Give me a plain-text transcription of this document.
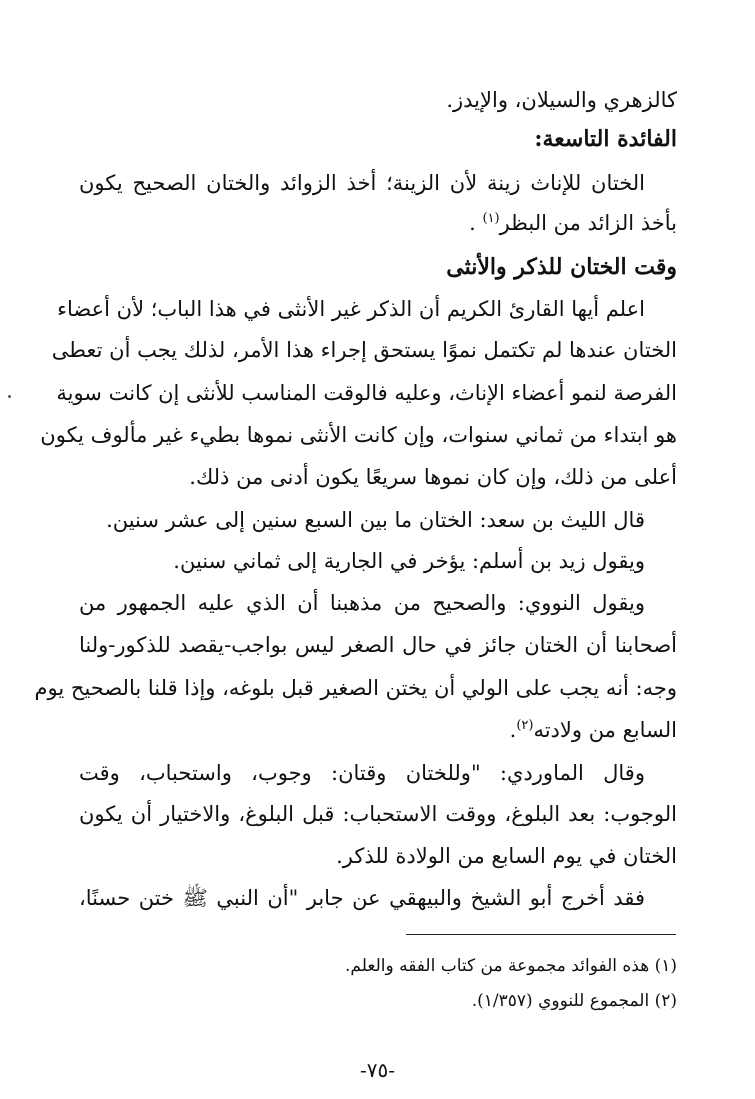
كالزهري والسيلان، والإيدز.
الفائدة التاسعة:
الختان للإناث زينة لأن الزينة؛ أخذ الزوائد والختان الصحيح يكون
بأخذ الزائد من البظر$^{(١)}$ .
وقت الختان للذكر والأنثى
اعلم أيها القارئ الكريم أن الذكر غير الأنثى في هذا الباب؛ لأن أعضاء
الختان عندها لم تكتمل نموًا يستحق إجراء هذا الأمر، لذلك يجب أن تعطى
الفرصة لنمو أعضاء الإناث، وعليه فالوقت المناسب للأنثى إن كانت سوية
هو ابتداء من ثماني سنوات، وإن كانت الأنثى نموها بطيء غير مألوف يكون
أعلى من ذلك، وإن كان نموها سريعًا يكون أدنى من ذلك.
قال الليث بن سعد: الختان ما بين السبع سنين إلى عشر سنين.
ويقول زيد بن أسلم: يؤخر في الجارية إلى ثماني سنين.
ويقول النووي: والصحيح من مذهبنا أن الذي عليه الجمهور من
أصحابنا أن الختان جائز في حال الصغر ليس بواجب-يقصد للذكور-ولنا
وجه: أنه يجب على الولي أن يختن الصغير قبل بلوغه، وإذا قلنا بالصحيح يوم
السابع من ولادته$^{(٢)}$.
وقال الماوردي: "وللختان وقتان: وجوب، واستحباب، وقت
الوجوب: بعد البلوغ، ووقت الاستحباب: قبل البلوغ، والاختيار أن يكون
الختان في يوم السابع من الولادة للذكر.
فقد أخرج أبو الشيخ والبيهقي عن جابر "أن النبي ﷺ ختن حسنًا،
(١) هذه الفوائد مجموعة من كتاب الفقه والعلم.
(٢) المجموع للنووي (١/٣٥٧).
-٧٥-
